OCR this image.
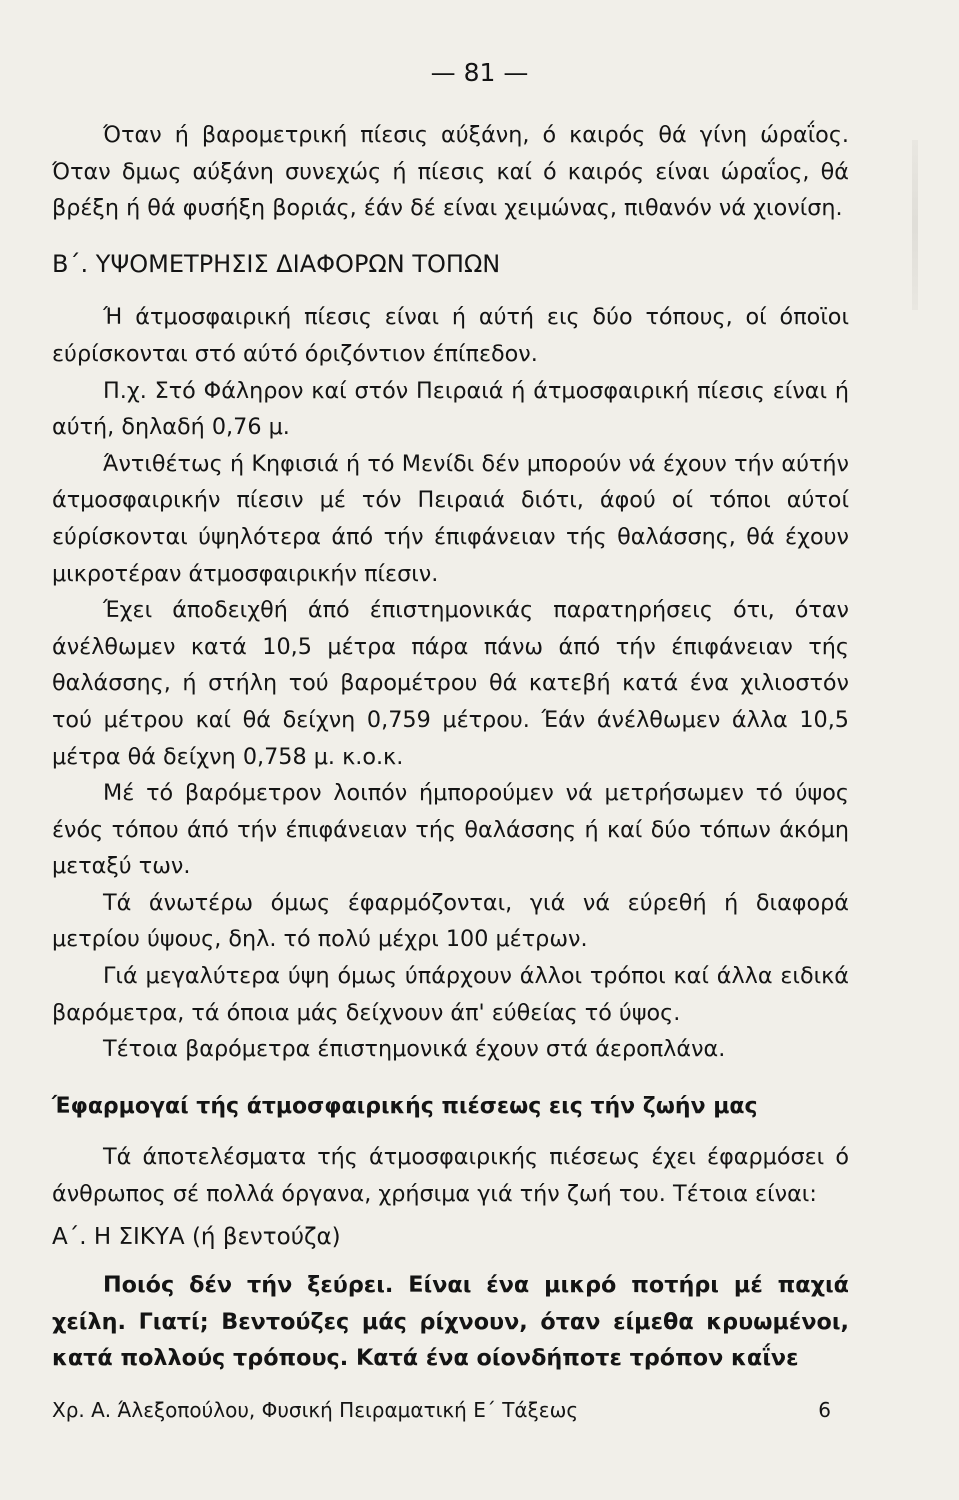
— 81 —

Όταν ή βαρομετρική πίεσις αύξάνη, ό καιρός θά γίνη ώραΐος. Όταν δμως αύξάνη συνεχώς ή πίεσις καί ό καιρός είναι ώραΐος, θά βρέξη ή θά φυσήξη βοριάς, έάν δέ είναι χειμώνας, πιθανόν νά χιονίση.

Β΄. ΥΨΟΜΕΤΡΗΣΙΣ ΔΙΑΦΟΡΩΝ ΤΟΠΩΝ

Ή άτμοσφαιρική πίεσις είναι ή αύτή εις δύο τόπους, οί όποϊοι εύρίσκονται στό αύτό όριζόντιον έπίπεδον.

Π.χ. Στό Φάληρον καί στόν Πειραιά ή άτμοσφαιρική πίεσις είναι ή αύτή, δηλαδή 0,76 μ.

Άντιθέτως ή Κηφισιά ή τό Μενίδι δέν μπορούν νά έχουν τήν αύτήν άτμοσφαιρικήν πίεσιν μέ τόν Πειραιά διότι, άφού οί τόποι αύτοί εύρίσκονται ύψηλότερα άπό τήν έπιφάνειαν τής θαλάσσης, θά έχουν μικροτέραν άτμοσφαιρικήν πίεσιν.

Έχει άποδειχθή άπό έπιστημονικάς παρατηρήσεις ότι, όταν άνέλθωμεν κατά 10,5 μέτρα πάρα πάνω άπό τήν έπιφάνειαν τής θαλάσσης, ή στήλη τού βαρομέτρου θά κατεβή κατά ένα χιλιοστόν τού μέτρου καί θά δείχνη 0,759 μέτρου. Έάν άνέλθωμεν άλλα 10,5 μέτρα θά δείχνη 0,758 μ. κ.ο.κ.

Μέ τό βαρόμετρον λοιπόν ήμπορούμεν νά μετρήσωμεν τό ύψος ένός τόπου άπό τήν έπιφάνειαν τής θαλάσσης ή καί δύο τόπων άκόμη μεταξύ των.

Τά άνωτέρω όμως έφαρμόζονται, γιά νά εύρεθή ή διαφορά μετρίου ύψους, δηλ. τό πολύ μέχρι 100 μέτρων.

Γιά μεγαλύτερα ύψη όμως ύπάρχουν άλλοι τρόποι καί άλλα ειδικά βαρόμετρα, τά όποια μάς δείχνουν άπ' εύθείας τό ύψος.

Τέτοια βαρόμετρα έπιστημονικά έχουν στά άεροπλάνα.

Έφαρμογαί τής άτμοσφαιρικής πιέσεως εις τήν ζωήν μας

Τά άποτελέσματα τής άτμοσφαιρικής πιέσεως έχει έφαρμόσει ό άνθρωπος σέ πολλά όργανα, χρήσιμα γιά τήν ζωή του. Τέτοια είναι:

Α΄. Η ΣΙΚΥΑ (ή βεντούζα)

Ποιός δέν τήν ξεύρει. Είναι ένα μικρό ποτήρι μέ παχιά χείλη. Γιατί; Βεντούζες μάς ρίχνουν, όταν είμεθα κρυωμένοι, κατά πολλούς τρόπους. Κατά ένα οίονδήποτε τρόπον καΐνε

Χρ. Α. Άλεξοπούλου, Φυσική Πειραματική Ε΄ Τάξεως	6
